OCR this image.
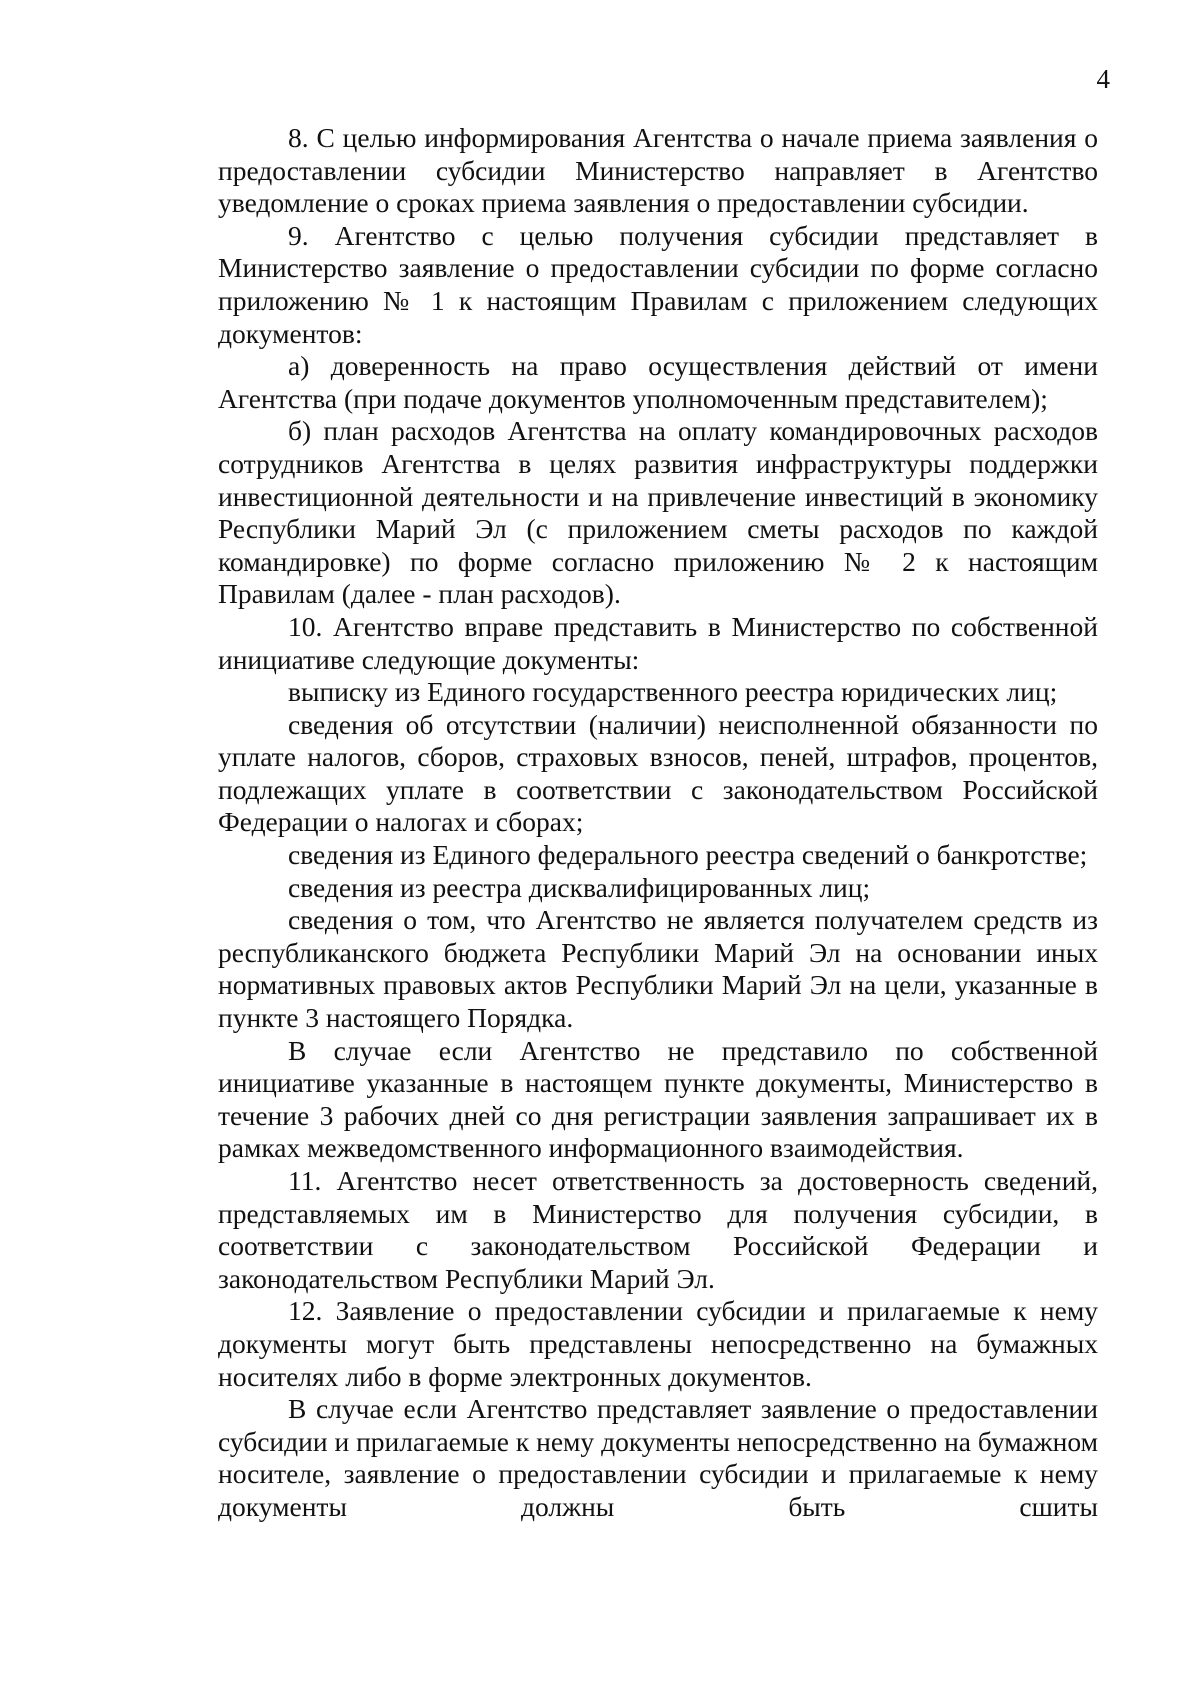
4

8. С целью информирования Агентства о начале приема заявления о предоставлении субсидии Министерство направляет в Агентство уведомление о сроках приема заявления о предоставлении субсидии.

9. Агентство с целью получения субсидии представляет в Министерство заявление о предоставлении субсидии по форме согласно приложению № 1 к настоящим Правилам с приложением следующих документов:

а) доверенность на право осуществления действий от имени Агентства (при подаче документов уполномоченным представителем);

б) план расходов Агентства на оплату командировочных расходов сотрудников Агентства в целях развития инфраструктуры поддержки инвестиционной деятельности и на привлечение инвестиций в экономику Республики Марий Эл (с приложением сметы расходов по каждой командировке) по форме согласно приложению № 2 к настоящим Правилам (далее - план расходов).

10. Агентство вправе представить в Министерство по собственной инициативе следующие документы:

выписку из Единого государственного реестра юридических лиц;

сведения об отсутствии (наличии) неисполненной обязанности по уплате налогов, сборов, страховых взносов, пеней, штрафов, процентов, подлежащих уплате в соответствии с законодательством Российской Федерации о налогах и сборах;

сведения из Единого федерального реестра сведений о банкротстве;

сведения из реестра дисквалифицированных лиц;

сведения о том, что Агентство не является получателем средств из республиканского бюджета Республики Марий Эл на основании иных нормативных правовых актов Республики Марий Эл на цели, указанные в пункте 3 настоящего Порядка.

В случае если Агентство не представило по собственной инициативе указанные в настоящем пункте документы, Министерство в течение 3 рабочих дней со дня регистрации заявления запрашивает их в рамках межведомственного информационного взаимодействия.

11. Агентство несет ответственность за достоверность сведений, представляемых им в Министерство для получения субсидии, в соответствии с законодательством Российской Федерации и законодательством Республики Марий Эл.

12. Заявление о предоставлении субсидии и прилагаемые к нему документы могут быть представлены непосредственно на бумажных носителях либо в форме электронных документов.

В случае если Агентство представляет заявление о предоставлении субсидии и прилагаемые к нему документы непосредственно на бумажном носителе, заявление о предоставлении субсидии и прилагаемые к нему документы должны быть сшиты
